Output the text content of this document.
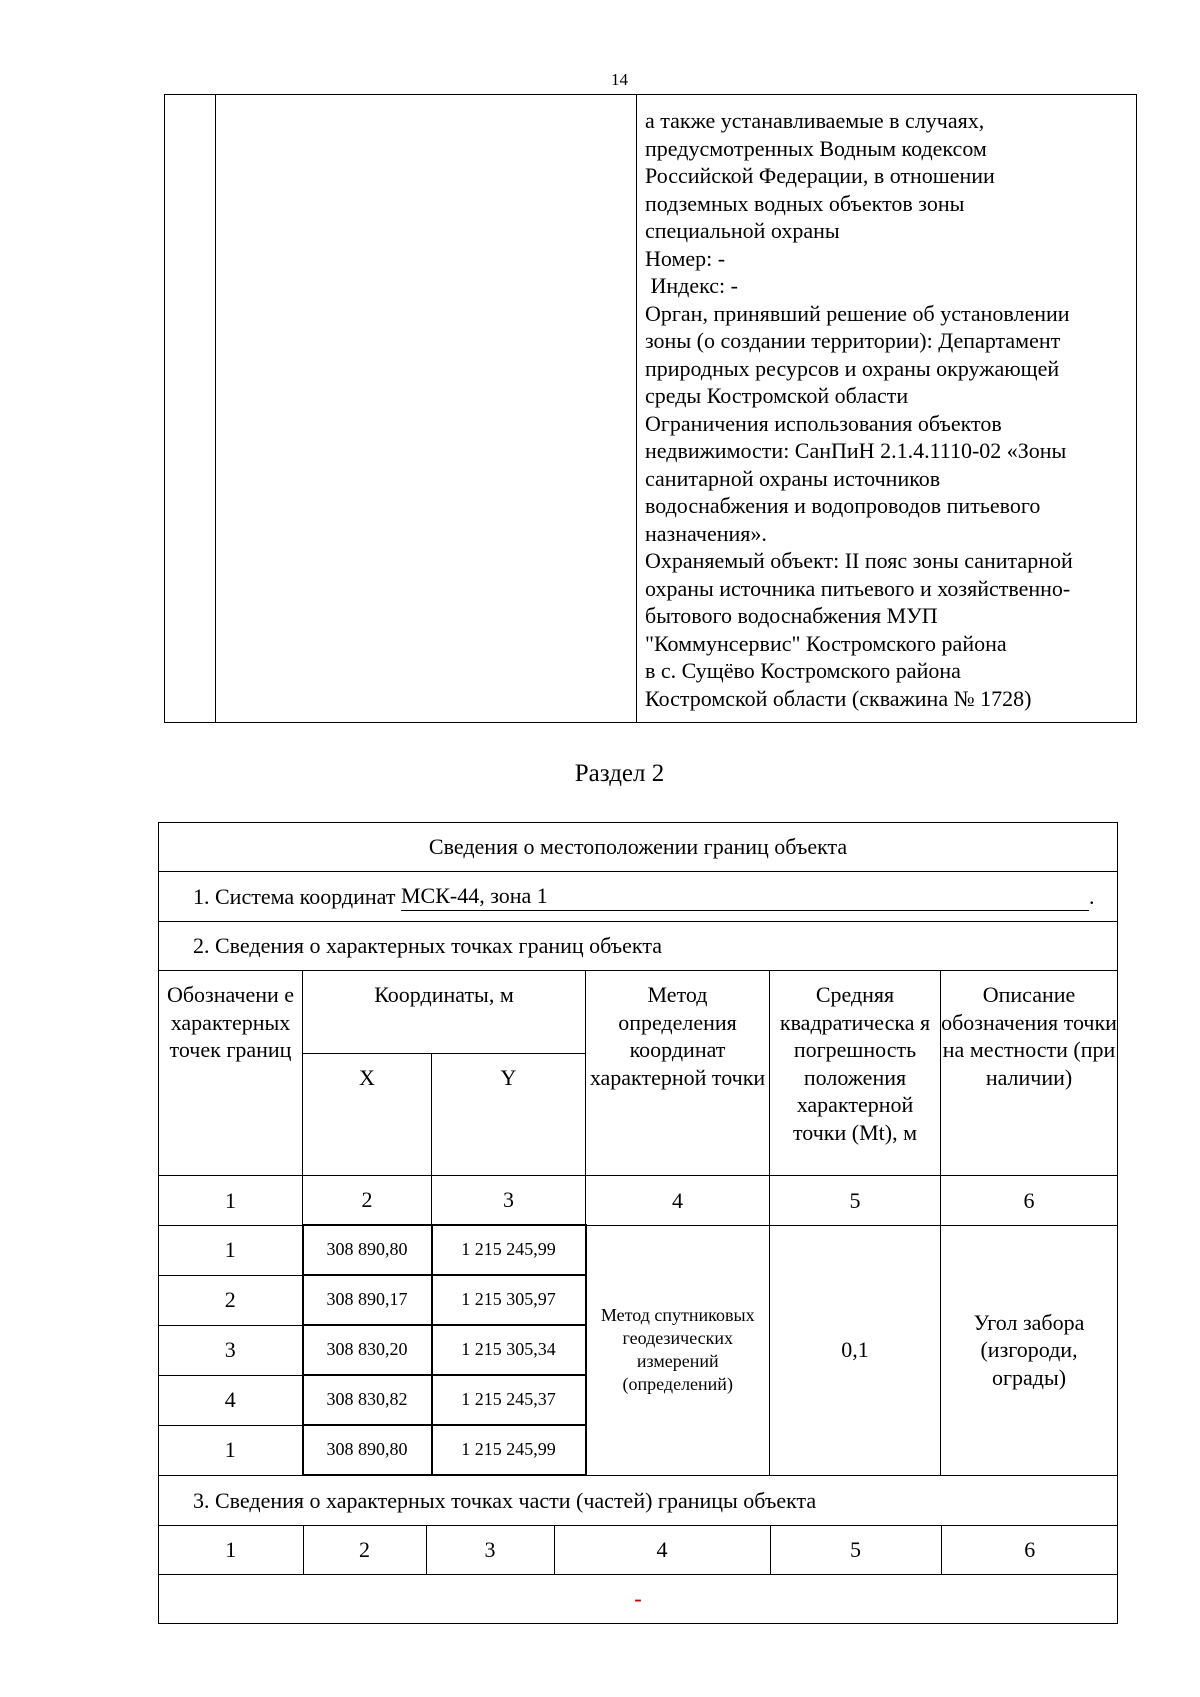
14

а также устанавливаемые в случаях,
предусмотренных Водным кодексом
Российской Федерации, в отношении
подземных водных объектов зоны
специальной охраны
Номер: -
Индекс: -
Орган, принявший решение об установлении
зоны (о создании территории): Департамент
природных ресурсов и охраны окружающей
среды Костромской области
Ограничения использования объектов
недвижимости: СанПиН 2.1.4.1110-02 «Зоны
санитарной охраны источников
водоснабжения и водопроводов питьевого
назначения».
Охраняемый объект: II пояс зоны санитарной
охраны источника питьевого и хозяйственно-
бытового водоснабжения МУП
"Коммунсервис" Костромского района
в с. Сущёво Костромского района
Костромской области (скважина № 1728)
Раздел 2
Сведения о местоположении границ объекта
1. Система координат МСК-44, зона 1	.
2. Сведения о характерных точках границ объекта
Обозначени е характерных точек границ	Координаты, м	Метод определения координат характерной точки	Средняя квадратическа я погрешность положения характерной точки (Mt), м	Описание обозначения точки на местности (при наличии)
X	Y
1	2	3	4	5	6
1	308 890,80	1 215 245,99	Метод спутниковых геодезических измерений (определений)	0,1	Угол забора (изгороди, ограды)
2	308 890,17	1 215 305,97
3	308 830,20	1 215 305,34
4	308 830,82	1 215 245,37
1	308 890,80	1 215 245,99
3. Сведения о характерных точках части (частей) границы объекта

1	2	3	4	5	6

-
